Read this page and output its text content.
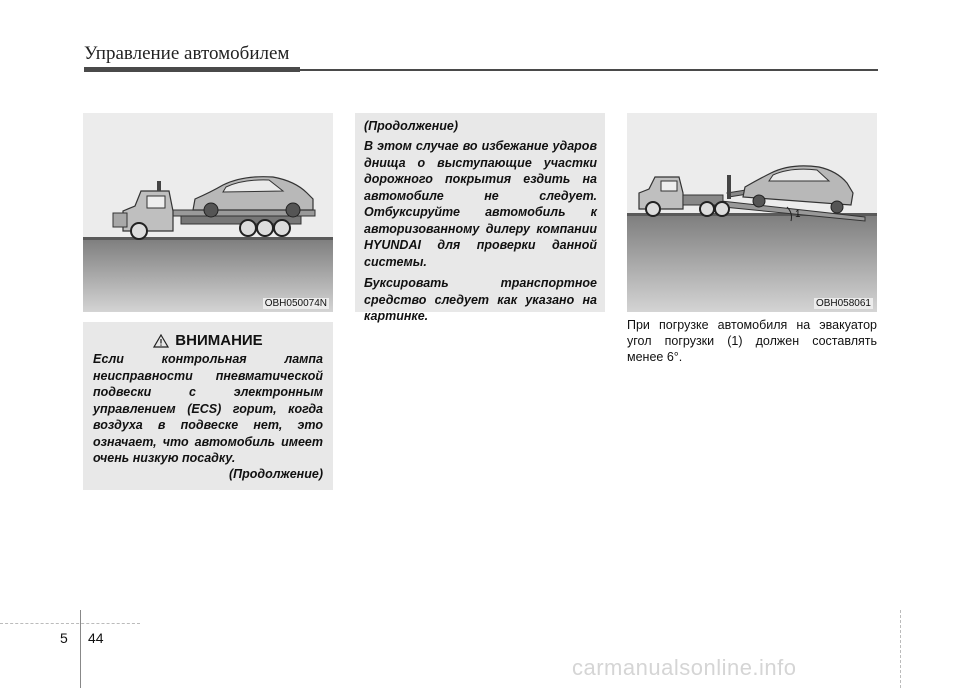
Управление автомобилем
OBH050074N
ВНИМАНИЕ

Если контрольная лампа неисправности пневматической подвески с электронным управлением (ECS) горит, когда воздуха в подвеске нет, это означает, что автомобиль имеет очень низкую посадку.

(Продолжение)
(Продолжение)

В этом случае во избежание ударов днища о выступающие участки дорожного покрытия ездить на автомобиле не следует. Отбуксируйте автомобиль к авторизованному дилеру компании HYUNDAI для проверки данной системы.

Буксировать транспортное средство следует как указано на картинке.

1
OBH058061

При погрузке автомобиля на эвакуатор угол погрузки (1) должен составлять менее 6°.

5 44
carmanualsonline.info
